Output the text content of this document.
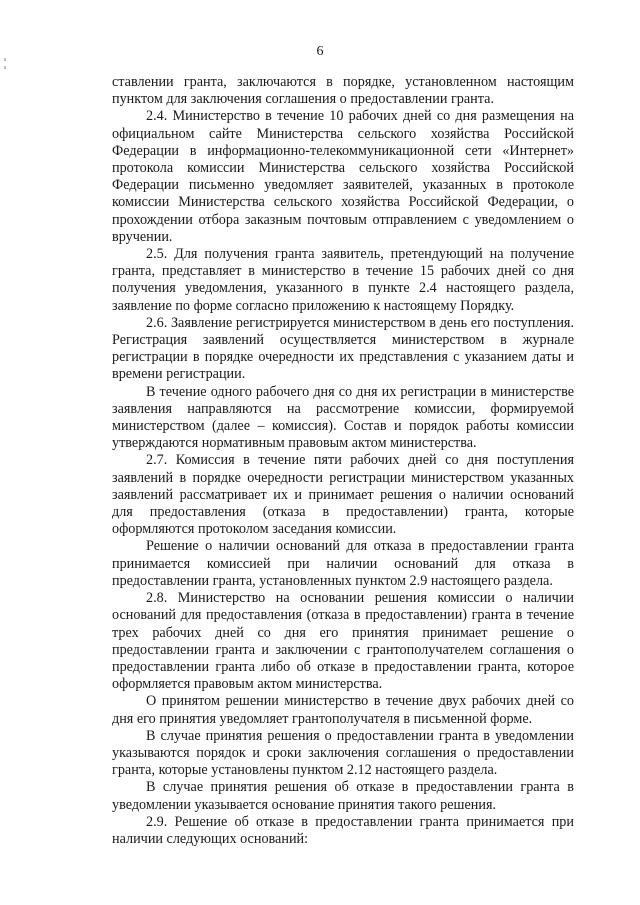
6

ставлении гранта, заключаются в порядке, установленном настоящим пунктом для заключения соглашения о предоставлении гранта.

2.4. Министерство в течение 10 рабочих дней со дня размещения на официальном сайте Министерства сельского хозяйства Российской Федерации в информационно-телекоммуникационной сети «Интернет» протокола комиссии Министерства сельского хозяйства Российской Федерации письменно уведомляет заявителей, указанных в протоколе комиссии Министерства сельского хозяйства Российской Федерации, о прохождении отбора заказным почтовым отправлением с уведомлением о вручении.

2.5. Для получения гранта заявитель, претендующий на получение гранта, представляет в министерство в течение 15 рабочих дней со дня получения уведомления, указанного в пункте 2.4 настоящего раздела, заявление по форме согласно приложению к настоящему Порядку.

2.6. Заявление регистрируется министерством в день его поступления. Регистрация заявлений осуществляется министерством в журнале регистрации в порядке очередности их представления с указанием даты и времени регистрации.

В течение одного рабочего дня со дня их регистрации в министерстве заявления направляются на рассмотрение комиссии, формируемой министерством (далее – комиссия). Состав и порядок работы комиссии утверждаются нормативным правовым актом министерства.

2.7. Комиссия в течение пяти рабочих дней со дня поступления заявлений в порядке очередности регистрации министерством указанных заявлений рассматривает их и принимает решения о наличии оснований для предоставления (отказа в предоставлении) гранта, которые оформляются протоколом заседания комиссии.

Решение о наличии оснований для отказа в предоставлении гранта принимается комиссией при наличии оснований для отказа в предоставлении гранта, установленных пунктом 2.9 настоящего раздела.

2.8. Министерство на основании решения комиссии о наличии оснований для предоставления (отказа в предоставлении) гранта в течение трех рабочих дней со дня его принятия принимает решение о предоставлении гранта и заключении с грантополучателем соглашения о предоставлении гранта либо об отказе в предоставлении гранта, которое оформляется правовым актом министерства.

О принятом решении министерство в течение двух рабочих дней со дня его принятия уведомляет грантополучателя в письменной форме.

В случае принятия решения о предоставлении гранта в уведомлении указываются порядок и сроки заключения соглашения о предоставлении гранта, которые установлены пунктом 2.12 настоящего раздела.

В случае принятия решения об отказе в предоставлении гранта в уведомлении указывается основание принятия такого решения.

2.9. Решение об отказе в предоставлении гранта принимается при наличии следующих оснований:
